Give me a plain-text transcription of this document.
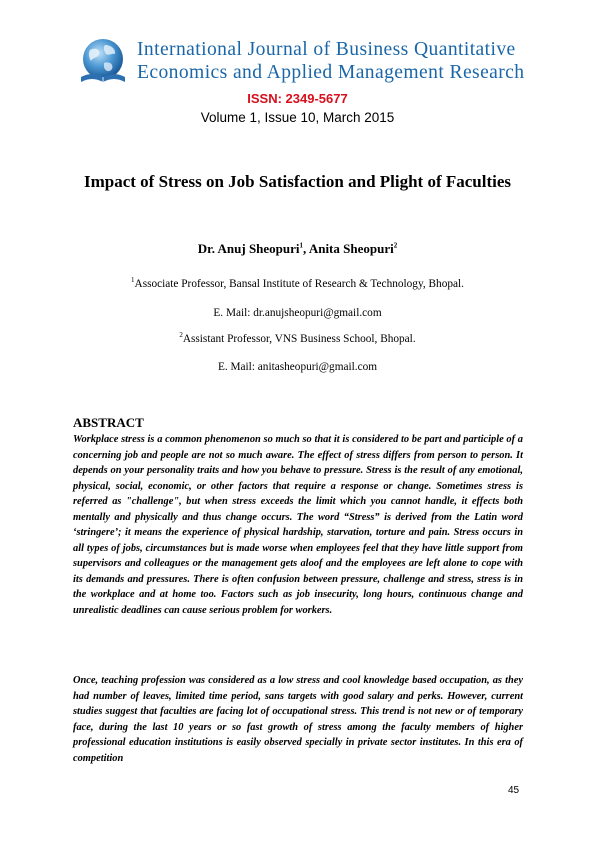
International Journal of Business Quantitative
Economics and Applied Management Research
ISSN: 2349-5677
Volume 1, Issue 10, March 2015
Impact of Stress on Job Satisfaction and Plight of Faculties
Dr. Anuj Sheopuri$^1$, Anita Sheopuri$^2$
$^1$Associate Professor, Bansal Institute of Research & Technology, Bhopal.
E. Mail: dr.anujsheopuri@gmail.com
$^2$Assistant Professor, VNS Business School, Bhopal.
E. Mail: anitasheopuri@gmail.com
ABSTRACT

Workplace stress is a common phenomenon so much so that it is considered to be part and participle of a concerning job and people are not so much aware. The effect of stress differs from person to person. It depends on your personality traits and how you behave to pressure. Stress is the result of any emotional, physical, social, economic, or other factors that require a response or change. Sometimes stress is referred as "challenge", but when stress exceeds the limit which you cannot handle, it effects both mentally and physically and thus change occurs. The word “Stress” is derived from the Latin word ‘stringere’; it means the experience of physical hardship, starvation, torture and pain. Stress occurs in all types of jobs, circumstances but is made worse when employees feel that they have little support from supervisors and colleagues or the management gets aloof and the employees are left alone to cope with its demands and pressures. There is often confusion between pressure, challenge and stress, stress is in the workplace and at home too. Factors such as job insecurity, long hours, continuous change and unrealistic deadlines can cause serious problem for workers.

Once, teaching profession was considered as a low stress and cool knowledge based occupation, as they had number of leaves, limited time period, sans targets with good salary and perks. However, current studies suggest that faculties are facing lot of occupational stress. This trend is not new or of temporary face, during the last 10 years or so fast growth of stress among the faculty members of higher professional education institutions is easily observed specially in private sector institutes. In this era of competition

45
